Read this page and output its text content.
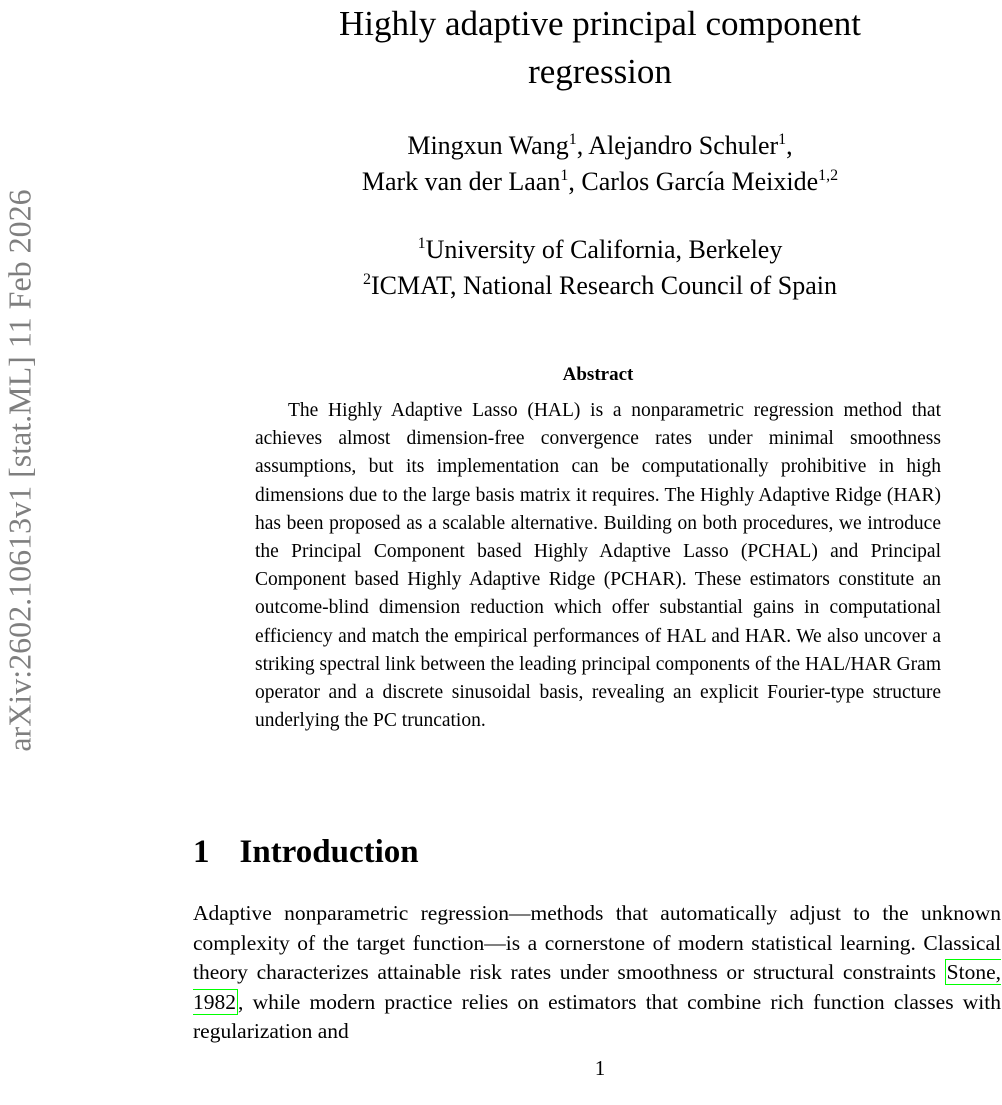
arXiv:2602.10613v1 [stat.ML] 11 Feb 2026
Highly adaptive principal component
regression
Mingxun Wang$^1$, Alejandro Schuler$^1$,
Mark van der Laan$^1$, Carlos García Meixide$^{1,2}$
$^1$University of California, Berkeley
$^2$ICMAT, National Research Council of Spain
Abstract

The Highly Adaptive Lasso (HAL) is a nonparametric regression method that achieves almost dimension-free convergence rates under minimal smoothness assumptions, but its implementation can be computationally prohibitive in high dimensions due to the large basis matrix it requires. The Highly Adaptive Ridge (HAR) has been proposed as a scalable alternative. Building on both procedures, we introduce the Principal Component based Highly Adaptive Lasso (PCHAL) and Principal Component based Highly Adaptive Ridge (PCHAR). These estimators constitute an outcome-blind dimension reduction which offer substantial gains in computational efficiency and match the empirical performances of HAL and HAR. We also uncover a striking spectral link between the leading principal components of the HAL/HAR Gram operator and a discrete sinusoidal basis, revealing an explicit Fourier-type structure underlying the PC truncation.

1 Introduction

Adaptive nonparametric regression—methods that automatically adjust to the unknown complexity of the target function—is a cornerstone of modern statistical learning. Classical theory characterizes attainable risk rates under smoothness or structural constraints Stone, 1982, while modern practice relies on estimators that combine rich function classes with regularization and

1
